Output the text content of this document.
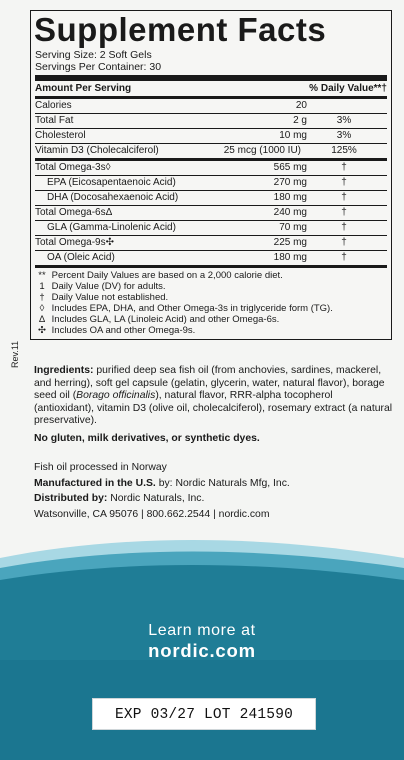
Supplement Facts
Serving Size: 2 Soft Gels
Servings Per Container: 30
Amount Per Serving	% Daily Value**†
Calories	20
Total Fat	2 g	3%
Cholesterol	10 mg	3%
Vitamin D3 (Cholecalciferol)	25 mcg (1000 IU)	125%
Total Omega-3s◊	565 mg	†
EPA (Eicosapentaenoic Acid)	270 mg	†
DHA (Docosahexaenoic Acid)	180 mg	†
Total Omega-6sΔ	240 mg	†
GLA (Gamma-Linolenic Acid)	70 mg	†
Total Omega-9s✣	225 mg	†
OA (Oleic Acid)	180 mg	†
** Percent Daily Values are based on a 2,000 calorie diet.
1 Daily Value (DV) for adults.
† Daily Value not established.
◊ Includes EPA, DHA, and Other Omega-3s in triglyceride form (TG).
Δ Includes GLA, LA (Linoleic Acid) and other Omega-6s.
✣ Includes OA and other Omega-9s.
Rev.11
Ingredients: purified deep sea fish oil (from anchovies, sardines, mackerel, and herring), soft gel capsule (gelatin, glycerin, water, natural flavor), borage seed oil (Borago officinalis), natural flavor, RRR-alpha tocopherol (antioxidant), vitamin D3 (olive oil, cholecalciferol), rosemary extract (a natural preservative).
No gluten, milk derivatives, or synthetic dyes.
Fish oil processed in Norway
Manufactured in the U.S. by: Nordic Naturals Mfg, Inc.
Distributed by: Nordic Naturals, Inc.
Watsonville, CA 95076 | 800.662.2544 | nordic.com
Learn more at
nordic.com
EXP 03/27 LOT 241590
